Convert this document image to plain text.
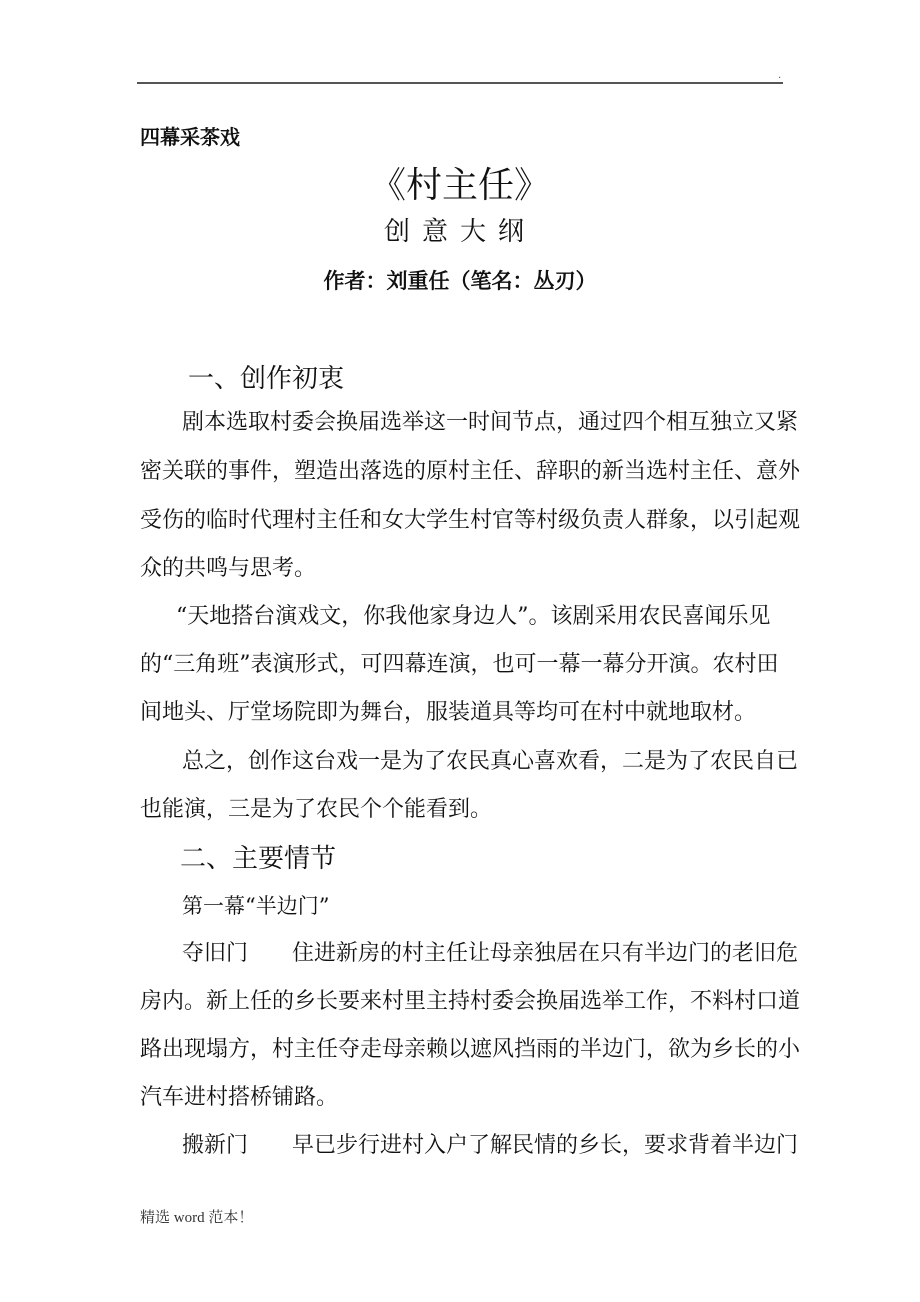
.
四幕采茶戏
《村主任》
创意大纲
作者：刘重任（笔名：丛刃）
一、创作初衷
剧本选取村委会换届选举这一时间节点，通过四个相互独立又紧
密关联的事件，塑造出落选的原村主任、辞职的新当选村主任、意外
受伤的临时代理村主任和女大学生村官等村级负责人群象，以引起观
众的共鸣与思考。
“天地搭台演戏文，你我他家身边人”。该剧采用农民喜闻乐见
的“三角班”表演形式，可四幕连演，也可一幕一幕分开演。农村田
间地头、厅堂场院即为舞台，服装道具等均可在村中就地取材。
总之，创作这台戏一是为了农民真心喜欢看，二是为了农民自已
也能演，三是为了农民个个能看到。
二、主要情节
第一幕“半边门”
夺旧门　　住进新房的村主任让母亲独居在只有半边门的老旧危
房内。新上任的乡长要来村里主持村委会换届选举工作，不料村口道
路出现塌方，村主任夺走母亲赖以遮风挡雨的半边门，欲为乡长的小
汽车进村搭桥铺路。
搬新门　　早已步行进村入户了解民情的乡长，要求背着半边门
精选 word 范本！
